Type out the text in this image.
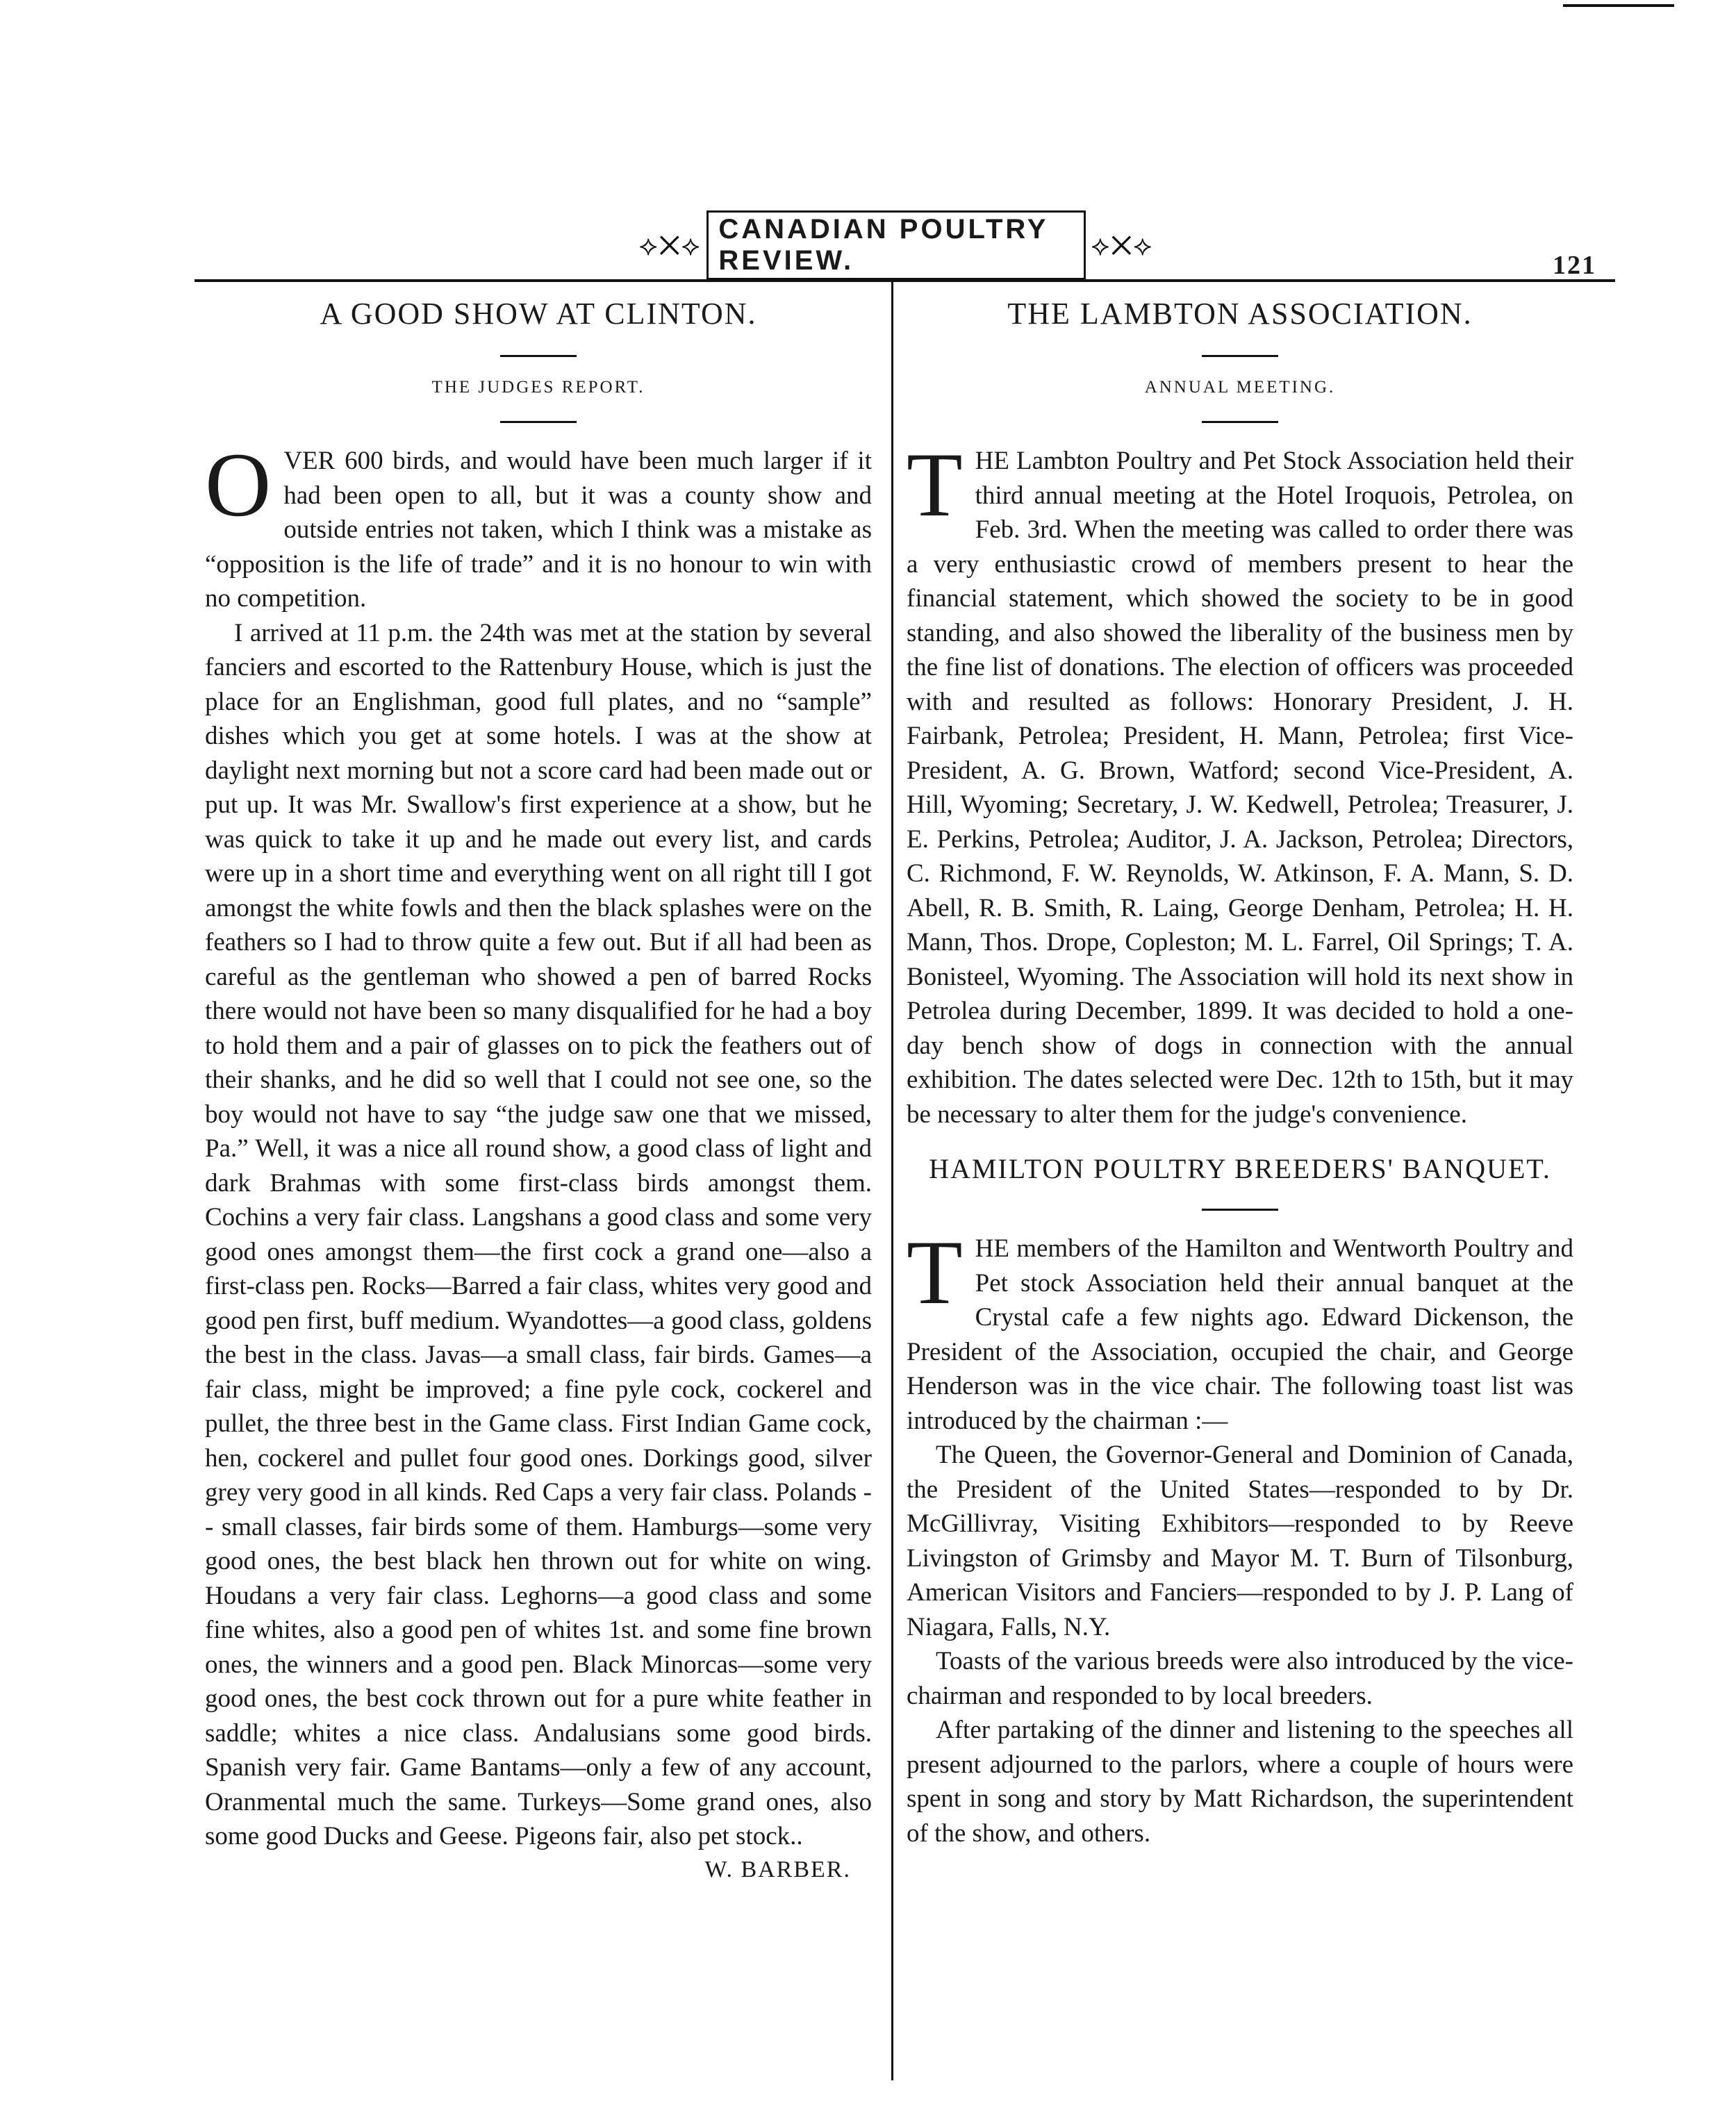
⟡✕⟡
CANADIAN POULTRY REVIEW.	⟡✕⟡
121
A GOOD SHOW AT CLINTON.
THE JUDGES REPORT.
O VER 600 birds, and would have been much larger if it had been open to all, but it was a county show and outside entries not taken, which I think was a mistake as “opposition is the life of trade” and it is no honour to win with no competition.

I arrived at 11 p.m. the 24th was met at the station by several fanciers and escorted to the Rattenbury House, which is just the place for an Englishman, good full plates, and no “sample” dishes which you get at some hotels. I was at the show at daylight next morning but not a score card had been made out or put up. It was Mr. Swallow's first experience at a show, but he was quick to take it up and he made out every list, and cards were up in a short time and everything went on all right till I got amongst the white fowls and then the black splashes were on the feathers so I had to throw quite a few out. But if all had been as careful as the gentleman who showed a pen of barred Rocks there would not have been so many disqualified for he had a boy to hold them and a pair of glasses on to pick the feathers out of their shanks, and he did so well that I could not see one, so the boy would not have to say “the judge saw one that we missed, Pa.” Well, it was a nice all round show, a good class of light and dark Brahmas with some first-class birds amongst them. Cochins a very fair class. Langshans a good class and some very good ones amongst them—the first cock a grand one—also a first-class pen. Rocks—Barred a fair class, whites very good and good pen first, buff medium. Wyandottes—a good class, goldens the best in the class. Javas—a small class, fair birds. Games—a fair class, might be improved; a fine pyle cock, cockerel and pullet, the three best in the Game class. First Indian Game cock, hen, cockerel and pullet four good ones. Dorkings good, silver grey very good in all kinds. Red Caps a very fair class. Polands -- small classes, fair birds some of them. Hamburgs—some very good ones, the best black hen thrown out for white on wing. Houdans a very fair class. Leghorns—a good class and some fine whites, also a good pen of whites 1st. and some fine brown ones, the winners and a good pen. Black Minorcas—some very good ones, the best cock thrown out for a pure white feather in saddle; whites a nice class. Andalusians some good birds. Spanish very fair. Game Bantams—only a few of any account, Oranmental much the same. Turkeys—Some grand ones, also some good Ducks and Geese. Pigeons fair, also pet stock..

W. BARBER.
THE LAMBTON ASSOCIATION.
ANNUAL MEETING.
T HE Lambton Poultry and Pet Stock Association held their third annual meeting at the Hotel Iroquois, Petrolea, on Feb. 3rd. When the meeting was called to order there was a very enthusiastic crowd of members present to hear the financial statement, which showed the society to be in good standing, and also showed the liberality of the business men by the fine list of donations. The election of officers was proceeded with and resulted as follows: Honorary President, J. H. Fairbank, Petrolea; President, H. Mann, Petrolea; first Vice-President, A. G. Brown, Watford; second Vice-President, A. Hill, Wyoming; Secretary, J. W. Kedwell, Petrolea; Treasurer, J. E. Perkins, Petrolea; Auditor, J. A. Jackson, Petrolea; Directors, C. Richmond, F. W. Reynolds, W. Atkinson, F. A. Mann, S. D. Abell, R. B. Smith, R. Laing, George Denham, Petrolea; H. H. Mann, Thos. Drope, Copleston; M. L. Farrel, Oil Springs; T. A. Bonisteel, Wyoming. The Association will hold its next show in Petrolea during December, 1899. It was decided to hold a one-day bench show of dogs in connection with the annual exhibition. The dates selected were Dec. 12th to 15th, but it may be necessary to alter them for the judge's convenience.

HAMILTON POULTRY BREEDERS' BANQUET.
T HE members of the Hamilton and Wentworth Poultry and Pet stock Association held their annual banquet at the Crystal cafe a few nights ago. Edward Dickenson, the President of the Association, occupied the chair, and George Henderson was in the vice chair. The following toast list was introduced by the chairman :—

The Queen, the Governor-General and Dominion of Canada, the President of the United States—responded to by Dr. McGillivray, Visiting Exhibitors—responded to by Reeve Livingston of Grimsby and Mayor M. T. Burn of Tilsonburg, American Visitors and Fanciers—responded to by J. P. Lang of Niagara, Falls, N.Y.

Toasts of the various breeds were also introduced by the vice-chairman and responded to by local breeders.

After partaking of the dinner and listening to the speeches all present adjourned to the parlors, where a couple of hours were spent in song and story by Matt Richardson, the superintendent of the show, and others.
